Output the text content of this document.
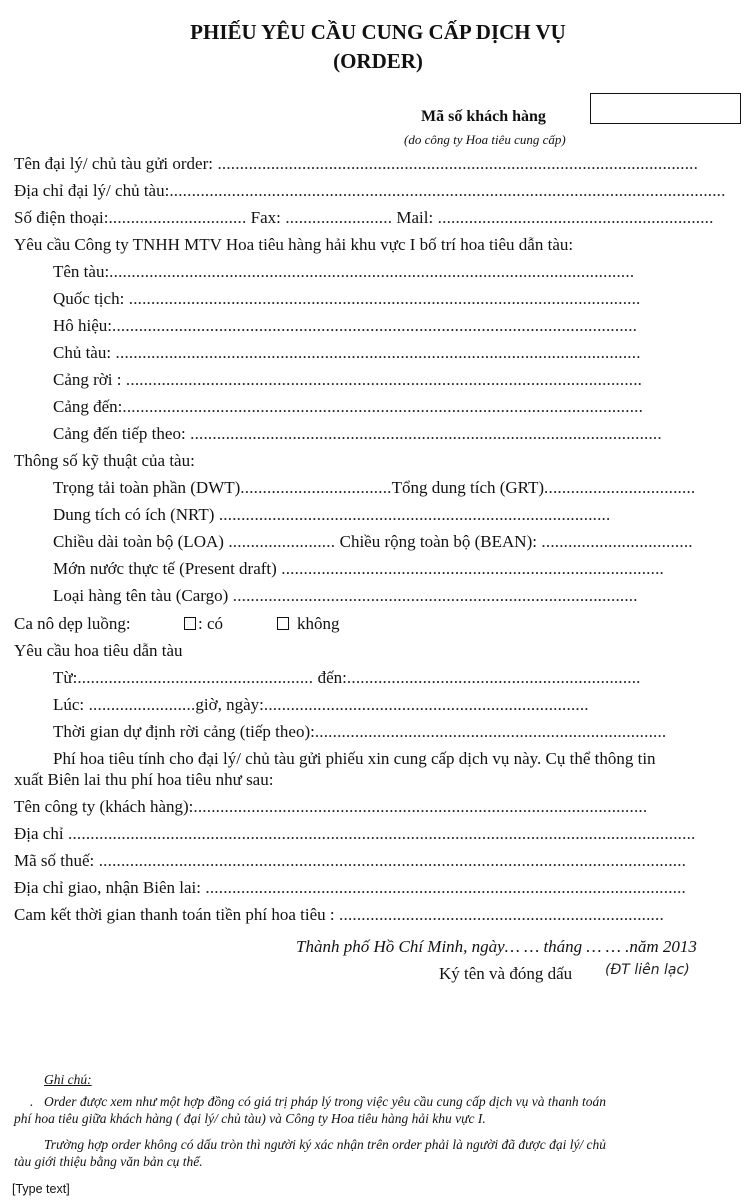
PHIẾU YÊU CẦU CUNG CẤP DỊCH VỤ
(ORDER)
Mã số khách hàng
(do công ty Hoa tiêu cung cấp)
Tên đại lý/ chủ tàu gửi order: ............................................................................................................
Địa chỉ đại lý/ chủ tàu:.............................................................................................................................
Số điện thoại:............................... Fax: ........................ Mail: ..............................................................
Yêu cầu Công ty TNHH MTV Hoa tiêu hàng hải khu vực I bố trí hoa tiêu dẫn tàu:
Tên tàu:......................................................................................................................
Quốc tịch: ...................................................................................................................
Hô hiệu:......................................................................................................................
Chủ tàu: ......................................................................................................................
Cảng rời : ....................................................................................................................
Cảng đến:.....................................................................................................................
Cảng đến tiếp theo: ..........................................................................................................
Thông số kỹ thuật của tàu:
Trọng tải toàn phần (DWT)..................................Tổng dung tích (GRT)..................................
Dung tích có ích (NRT) ........................................................................................
Chiều dài toàn bộ (LOA) ........................ Chiều rộng toàn bộ (BEAN): ..................................
Mớn nước thực tế (Present draft) ......................................................................................
Loại hàng tên tàu (Cargo) ...........................................................................................
Ca nô dẹp luồng:	: có	không
Yêu cầu hoa tiêu dẫn tàu
Từ:..................................................... đến:..................................................................
Lúc: ........................giờ, ngày:.........................................................................
Thời gian dự định rời cảng (tiếp theo):...............................................................................
Phí hoa tiêu tính cho đại lý/ chủ tàu gửi phiếu xin cung cấp dịch vụ này. Cụ thể thông tin
xuất Biên lai thu phí hoa tiêu như sau:
Tên công ty (khách hàng):......................................................................................................
Địa chỉ .............................................................................................................................................
Mã số thuế: ....................................................................................................................................
Địa chỉ giao, nhận Biên lai: ............................................................................................................
Cam kết thời gian thanh toán tiền phí hoa tiêu : .........................................................................
Thành phố Hồ Chí Minh, ngày… … tháng … … .năm 2013
Ký tên và đóng dấu (ĐT liên lạc)
Ghi chú:
. Order được xem như một hợp đồng có giá trị pháp lý trong việc yêu cầu cung cấp dịch vụ và thanh toán
phí hoa tiêu giữa khách hàng ( đại lý/ chủ tàu) và Công ty Hoa tiêu hàng hải khu vực I.
Trường hợp order không có dấu tròn thì người ký xác nhận trên order phải là người đã được đại lý/ chủ
tàu giới thiệu bằng văn bản cụ thể.
[Type text]
